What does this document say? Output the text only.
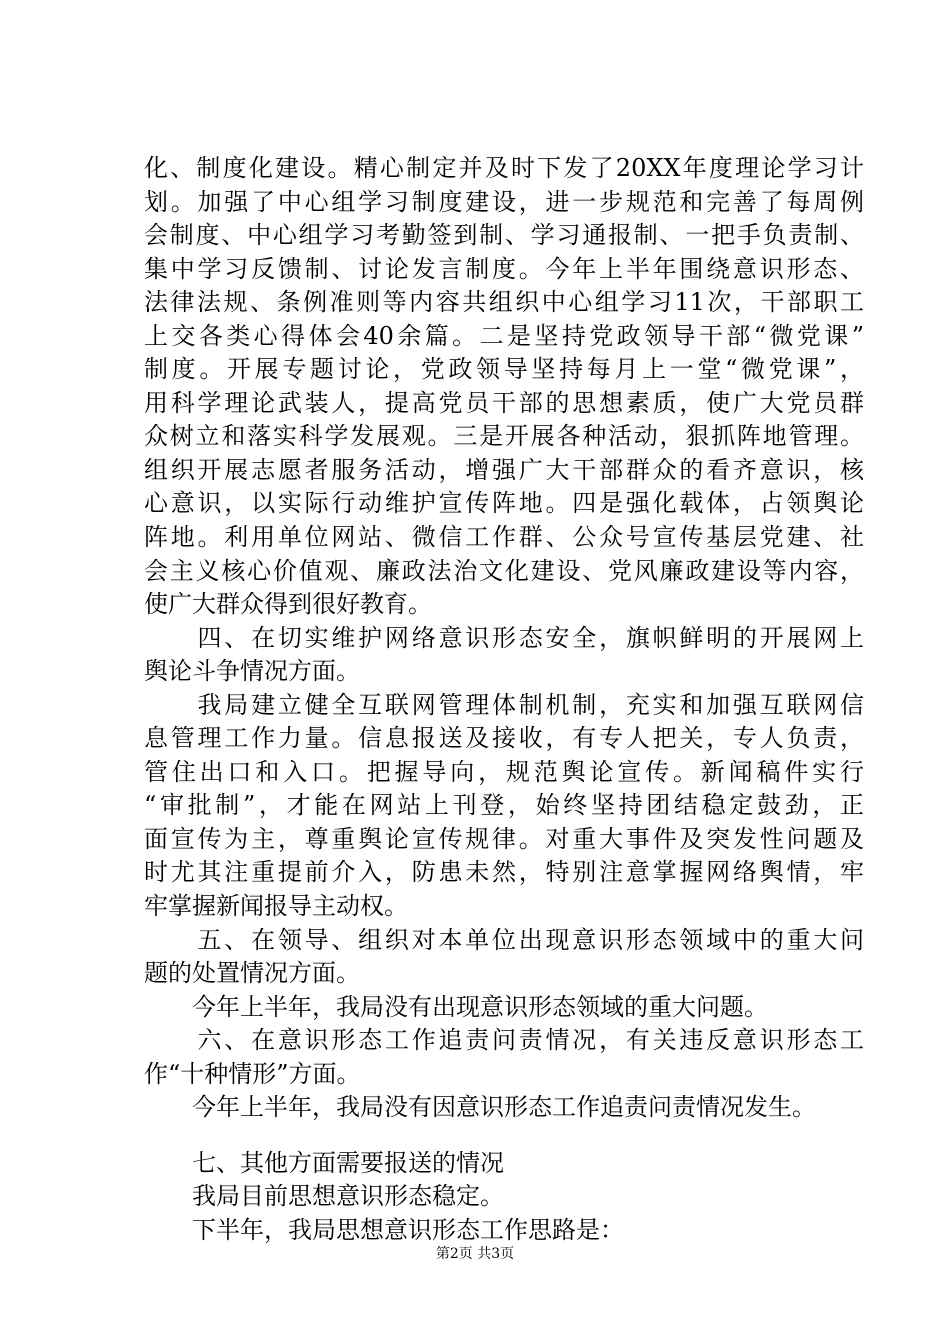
化、制度化建设。精心制定并及时下发了20XX年度理论学习计
划。加强了中心组学习制度建设，进一步规范和完善了每周例
会制度、中心组学习考勤签到制、学习通报制、一把手负责制、
集中学习反馈制、讨论发言制度。今年上半年围绕意识形态、
法律法规、条例准则等内容共组织中心组学习11次，干部职工
上交各类心得体会40余篇。二是坚持党政领导干部“微党课”
制度。开展专题讨论，党政领导坚持每月上一堂“微党课”，
用科学理论武装人，提高党员干部的思想素质，使广大党员群
众树立和落实科学发展观。三是开展各种活动，狠抓阵地管理。
组织开展志愿者服务活动，增强广大干部群众的看齐意识，核
心意识，以实际行动维护宣传阵地。四是强化载体，占领舆论
阵地。利用单位网站、微信工作群、公众号宣传基层党建、社
会主义核心价值观、廉政法治文化建设、党风廉政建设等内容，
使广大群众得到很好教育。
　　四、在切实维护网络意识形态安全，旗帜鲜明的开展网上
舆论斗争情况方面。
　　我局建立健全互联网管理体制机制，充实和加强互联网信
息管理工作力量。信息报送及接收，有专人把关，专人负责，
管住出口和入口。把握导向，规范舆论宣传。新闻稿件实行
“审批制”，才能在网站上刊登，始终坚持团结稳定鼓劲，正
面宣传为主，尊重舆论宣传规律。对重大事件及突发性问题及
时尤其注重提前介入，防患未然，特别注意掌握网络舆情，牢
牢掌握新闻报导主动权。
　　五、在领导、组织对本单位出现意识形态领域中的重大问
题的处置情况方面。
　　今年上半年，我局没有出现意识形态领域的重大问题。
　　六、在意识形态工作追责问责情况，有关违反意识形态工
作“十种情形”方面。
　　今年上半年，我局没有因意识形态工作追责问责情况发生。
　　七、其他方面需要报送的情况
　　我局目前思想意识形态稳定。
　　下半年，我局思想意识形态工作思路是：
第2页 共3页
